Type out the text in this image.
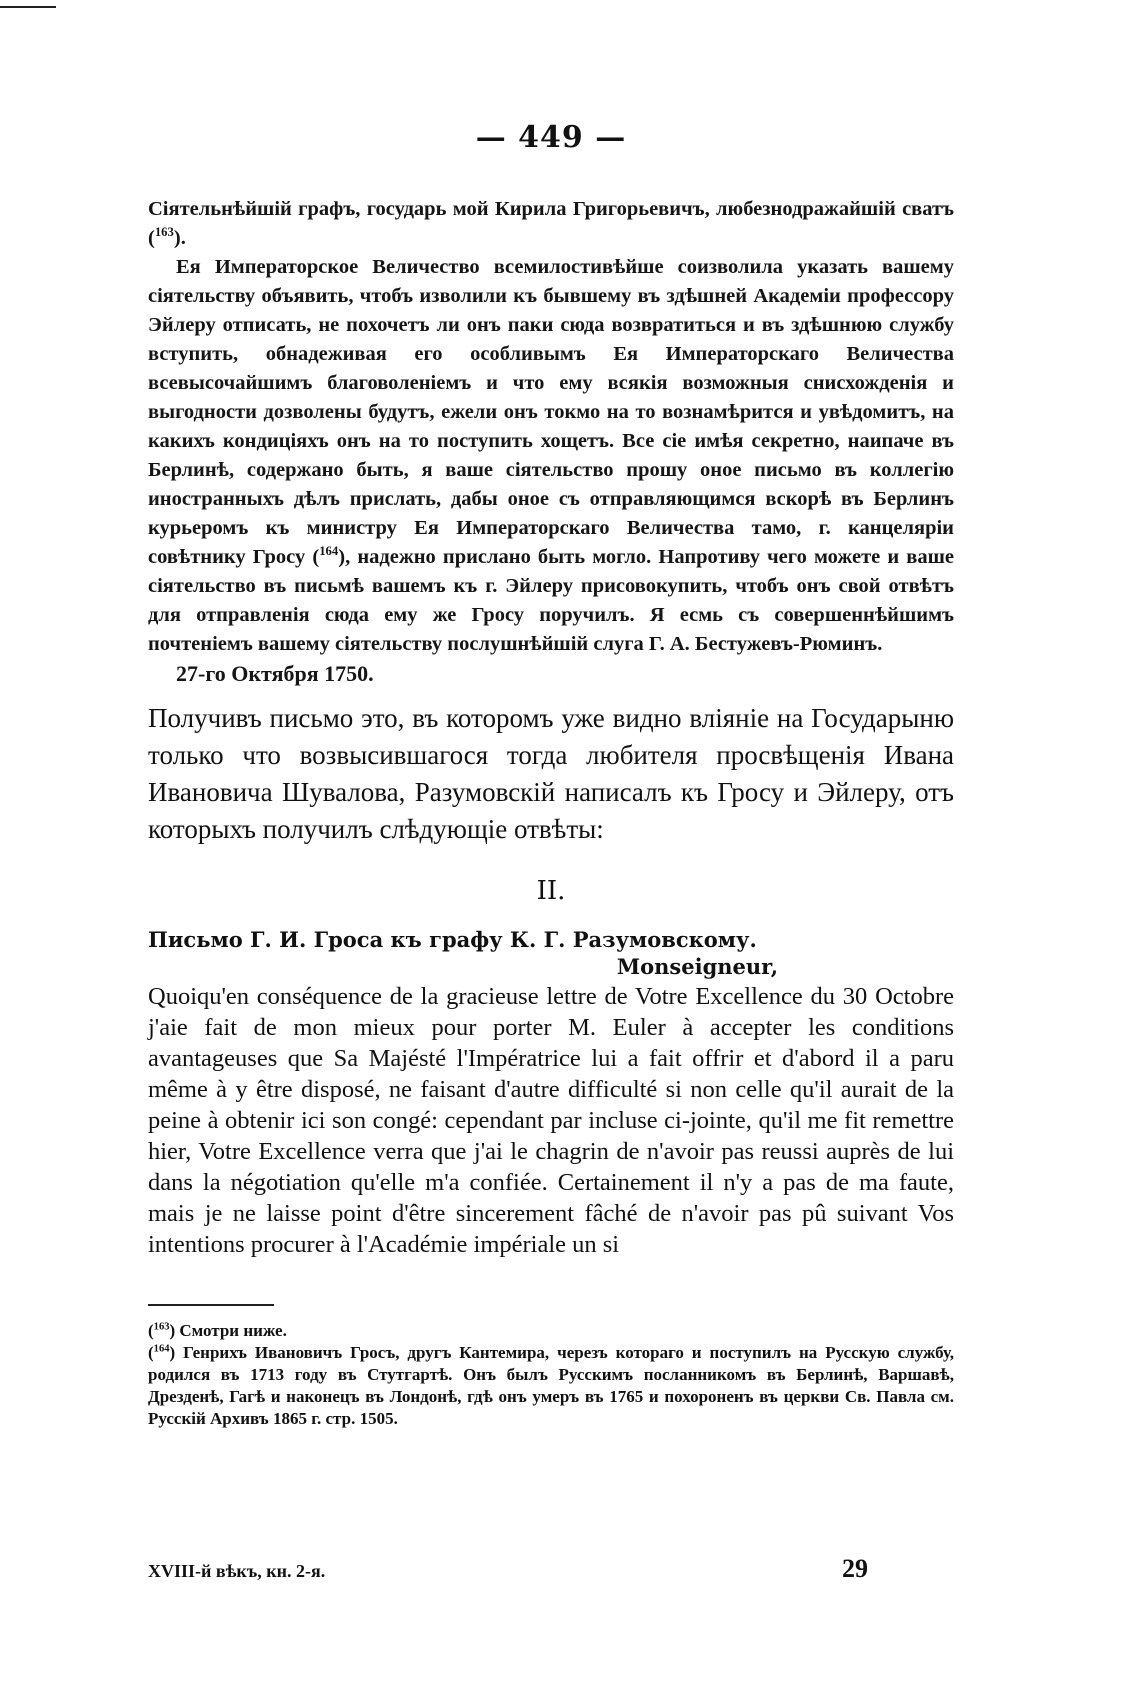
— 449 —

Сіятельнѣйшій графъ, государь мой Кирила Григорьевичъ, любезнодражайшій сватъ ($^{163}$).

Ея Императорское Величество всемилостивѣйше соизволила указать вашему сіятельству объявить, чтобъ изволили къ бывшему въ здѣшней Академіи профессору Эйлеру отписать, не похочетъ ли онъ паки сюда возвратиться и въ здѣшнюю службу вступить, обнадеживая его особливымъ Ея Императорскаго Величества всевысочайшимъ благоволеніемъ и что ему всякія возможныя снисхожденія и выгодности дозволены будутъ, ежели онъ токмо на то вознамѣрится и увѣдомитъ, на какихъ кондиціяхъ онъ на то поступить хощетъ. Все сіе имѣя секретно, наипаче въ Берлинѣ, содержано быть, я ваше сіятельство прошу оное письмо въ коллегію иностранныхъ дѣлъ прислать, дабы оное съ отправляющимся вскорѣ въ Берлинъ курьеромъ къ министру Ея Императорскаго Величества тамо, г. канцеляріи совѣтнику Гросу ($^{164}$), надежно прислано быть могло. Напротиву чего можете и ваше сіятельство въ письмѣ вашемъ къ г. Эйлеру присовокупить, чтобъ онъ свой отвѣтъ для отправленія сюда ему же Гросу поручилъ. Я есмь съ совершеннѣйшимъ почтеніемъ вашему сіятельству послушнѣйшій слуга Г. А. Бестужевъ-Рюминъ.

27-го Октября 1750.

Получивъ письмо это, въ которомъ уже видно вліяніе на Государыню только что возвысившагося тогда любителя просвѣщенія Ивана Ивановича Шувалова, Разумовскій написалъ къ Гросу и Эйлеру, отъ которыхъ получилъ слѣдующіе отвѣты:

II.

Письмо Г. И. Гроса къ графу К. Г. Разумовскому.

Monseigneur,

Quoiqu'en conséquence de la gracieuse lettre de Votre Excellence du 30 Octobre j'aie fait de mon mieux pour porter M. Euler à accepter les conditions avantageuses que Sa Majésté l'Impératrice lui a fait offrir et d'abord il a paru même à y être disposé, ne faisant d'autre difficulté si non celle qu'il aurait de la peine à obtenir ici son congé: cependant par incluse ci-jointe, qu'il me fit remettre hier, Votre Excellence verra que j'ai le chagrin de n'avoir pas reussi auprès de lui dans la négotiation qu'elle m'a confiée. Certainement il n'y a pas de ma faute, mais je ne laisse point d'être sincerement fâché de n'avoir pas pû suivant Vos intentions procurer à l'Académie impériale un si

($^{163}$) Смотри ниже.

($^{164}$) Генрихъ Ивановичъ Гросъ, другъ Кантемира, черезъ котораго и поступилъ на Русскую службу, родился въ 1713 году въ Стутгартѣ. Онъ былъ Русскимъ посланникомъ въ Берлинѣ, Варшавѣ, Дрезденѣ, Гагѣ и наконецъ въ Лондонѣ, гдѣ онъ умеръ въ 1765 и похороненъ въ церкви Св. Павла см. Русскій Архивъ 1865 г. стр. 1505.

XVIII-й вѣкъ, кн. 2-я.	29
